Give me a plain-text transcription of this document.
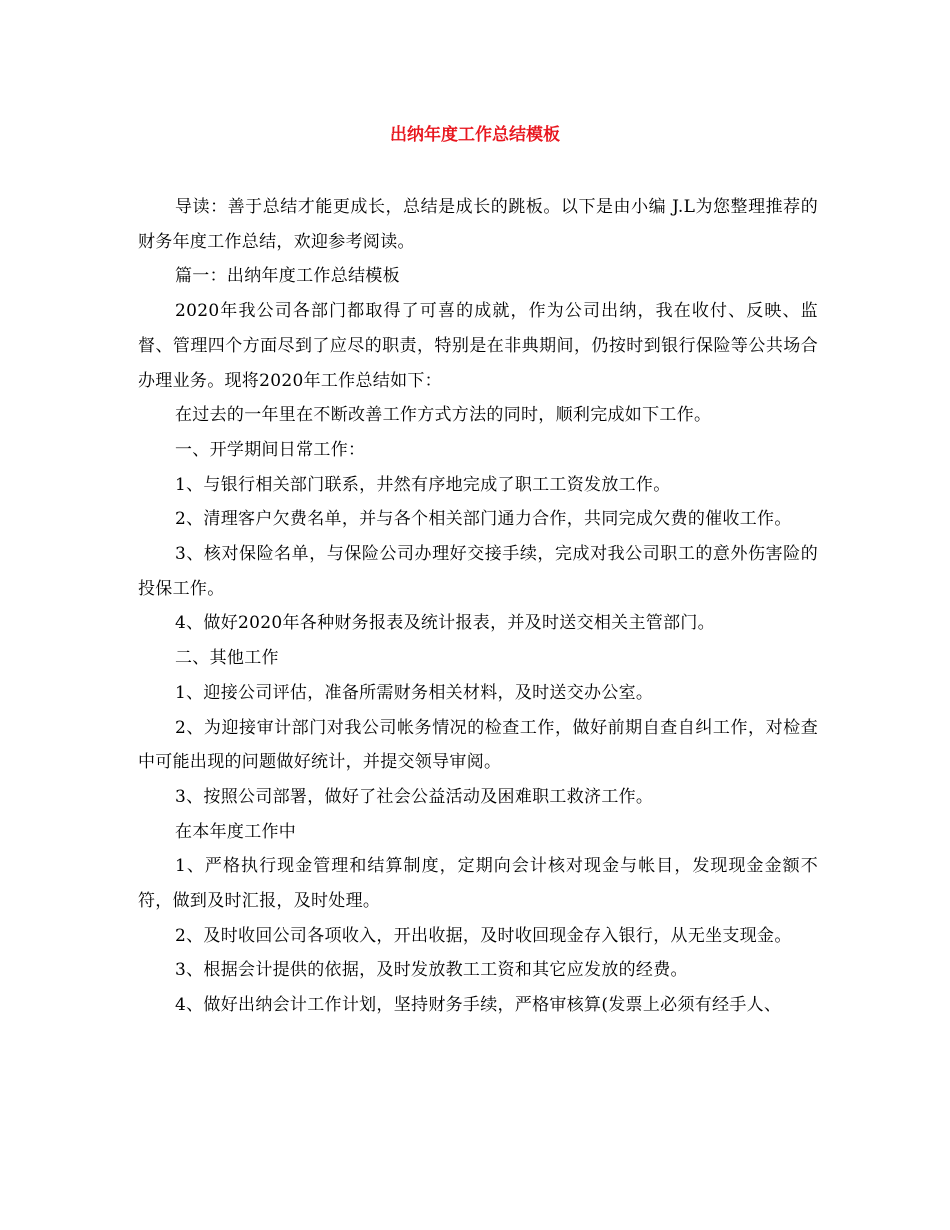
出纳年度工作总结模板

导读：善于总结才能更成长，总结是成长的跳板。以下是由小编 J.L为您整理推荐的财务年度工作总结，欢迎参考阅读。

篇一：出纳年度工作总结模板

2020年我公司各部门都取得了可喜的成就，作为公司出纳，我在收付、反映、监督、管理四个方面尽到了应尽的职责，特别是在非典期间，仍按时到银行保险等公共场合办理业务。现将2020年工作总结如下：

在过去的一年里在不断改善工作方式方法的同时，顺利完成如下工作。

一、开学期间日常工作：

1、与银行相关部门联系，井然有序地完成了职工工资发放工作。

2、清理客户欠费名单，并与各个相关部门通力合作，共同完成欠费的催收工作。

3、核对保险名单，与保险公司办理好交接手续，完成对我公司职工的意外伤害险的投保工作。

4、做好2020年各种财务报表及统计报表，并及时送交相关主管部门。

二、其他工作

1、迎接公司评估，准备所需财务相关材料，及时送交办公室。

2、为迎接审计部门对我公司帐务情况的检查工作，做好前期自查自纠工作，对检查中可能出现的问题做好统计，并提交领导审阅。

3、按照公司部署，做好了社会公益活动及困难职工救济工作。

在本年度工作中

1、严格执行现金管理和结算制度，定期向会计核对现金与帐目，发现现金金额不符，做到及时汇报，及时处理。

2、及时收回公司各项收入，开出收据，及时收回现金存入银行，从无坐支现金。

3、根据会计提供的依据，及时发放教工工资和其它应发放的经费。

4、做好出纳会计工作计划，坚持财务手续，严格审核算(发票上必须有经手人、
